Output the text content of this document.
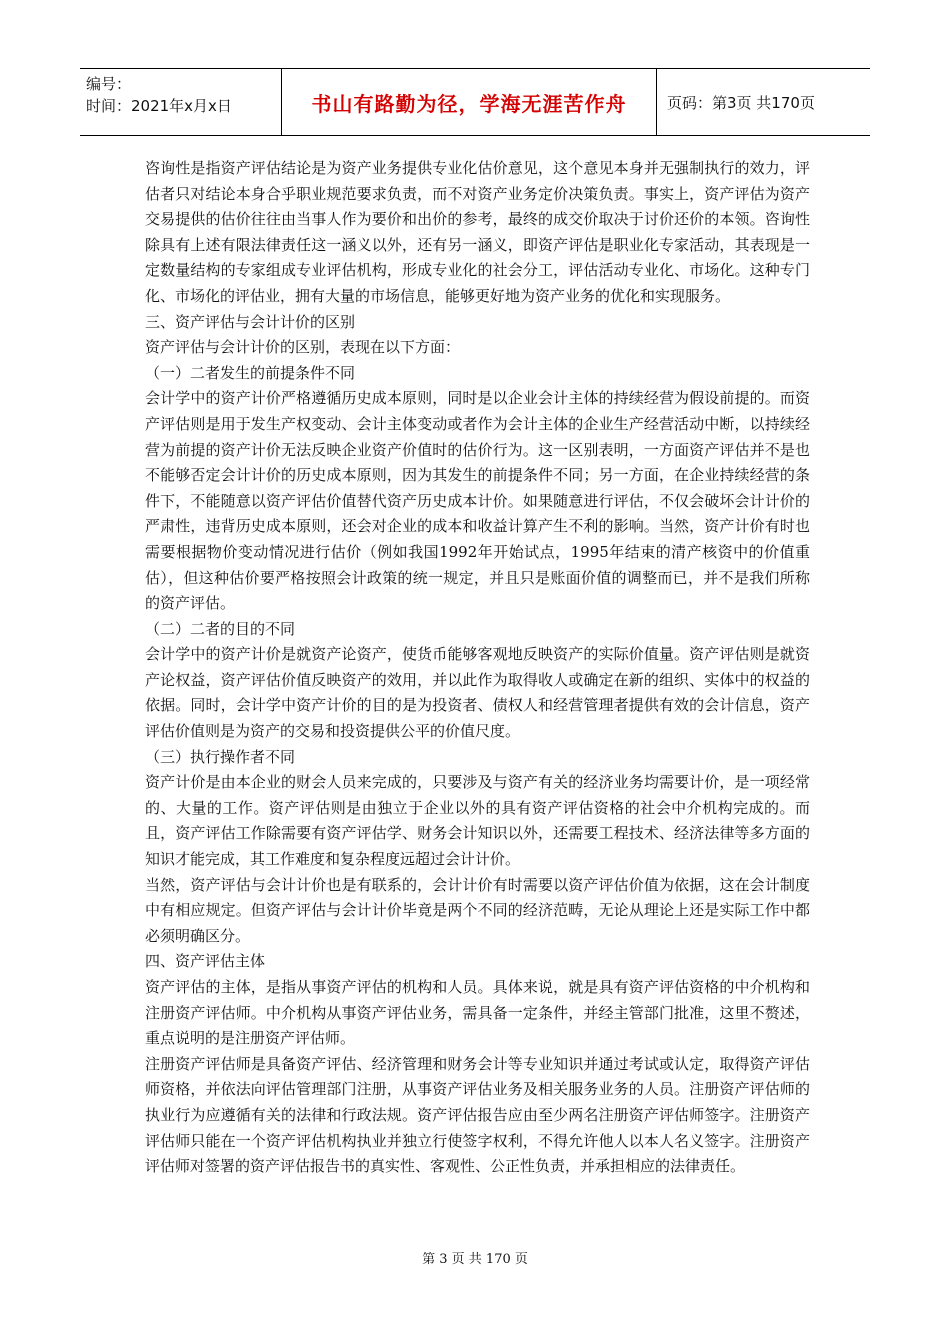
编号：
时间：2021年x月x日	书山有路勤为径，学海无涯苦作舟	页码：第3页 共170页

咨询性是指资产评估结论是为资产业务提供专业化估价意见，这个意见本身并无强制执行的效力，评估者只对结论本身合乎职业规范要求负责，而不对资产业务定价决策负责。事实上，资产评估为资产交易提供的估价往往由当事人作为要价和出价的参考，最终的成交价取决于讨价还价的本领。咨询性除具有上述有限法律责任这一涵义以外，还有另一涵义，即资产评估是职业化专家活动，其表现是一定数量结构的专家组成专业评估机构，形成专业化的社会分工，评估活动专业化、市场化。这种专门化、市场化的评估业，拥有大量的市场信息，能够更好地为资产业务的优化和实现服务。

三、资产评估与会计计价的区别

资产评估与会计计价的区别，表现在以下方面：

（一）二者发生的前提条件不同

会计学中的资产计价严格遵循历史成本原则，同时是以企业会计主体的持续经营为假设前提的。而资产评估则是用于发生产权变动、会计主体变动或者作为会计主体的企业生产经营活动中断，以持续经营为前提的资产计价无法反映企业资产价值时的估价行为。这一区别表明，一方面资产评估并不是也不能够否定会计计价的历史成本原则，因为其发生的前提条件不同；另一方面，在企业持续经营的条件下，不能随意以资产评估价值替代资产历史成本计价。如果随意进行评估，不仅会破坏会计计价的严肃性，违背历史成本原则，还会对企业的成本和收益计算产生不利的影响。当然，资产计价有时也需要根据物价变动情况进行估价（例如我国1992年开始试点，1995年结束的清产核资中的价值重估），但这种估价要严格按照会计政策的统一规定，并且只是账面价值的调整而已，并不是我们所称的资产评估。

（二）二者的目的不同

会计学中的资产计价是就资产论资产，使货币能够客观地反映资产的实际价值量。资产评估则是就资产论权益，资产评估价值反映资产的效用，并以此作为取得收人或确定在新的组织、实体中的权益的依据。同时，会计学中资产计价的目的是为投资者、债权人和经营管理者提供有效的会计信息，资产评估价值则是为资产的交易和投资提供公平的价值尺度。

（三）执行操作者不同

资产计价是由本企业的财会人员来完成的，只要涉及与资产有关的经济业务均需要计价，是一项经常的、大量的工作。资产评估则是由独立于企业以外的具有资产评估资格的社会中介机构完成的。而且，资产评估工作除需要有资产评估学、财务会计知识以外，还需要工程技术、经济法律等多方面的知识才能完成，其工作难度和复杂程度远超过会计计价。

当然，资产评估与会计计价也是有联系的，会计计价有时需要以资产评估价值为依据，这在会计制度中有相应规定。但资产评估与会计计价毕竟是两个不同的经济范畴，无论从理论上还是实际工作中都必须明确区分。

四、资产评估主体

资产评估的主体，是指从事资产评估的机构和人员。具体来说，就是具有资产评估资格的中介机构和注册资产评估师。中介机构从事资产评估业务，需具备一定条件，并经主管部门批准，这里不赘述，重点说明的是注册资产评估师。

注册资产评估师是具备资产评估、经济管理和财务会计等专业知识并通过考试或认定，取得资产评估师资格，并依法向评估管理部门注册，从事资产评估业务及相关服务业务的人员。注册资产评估师的执业行为应遵循有关的法律和行政法规。资产评估报告应由至少两名注册资产评估师签字。注册资产评估师只能在一个资产评估机构执业并独立行使签字权利，不得允许他人以本人名义签字。注册资产评估师对签署的资产评估报告书的真实性、客观性、公正性负责，并承担相应的法律责任。

第 3 页 共 170 页
